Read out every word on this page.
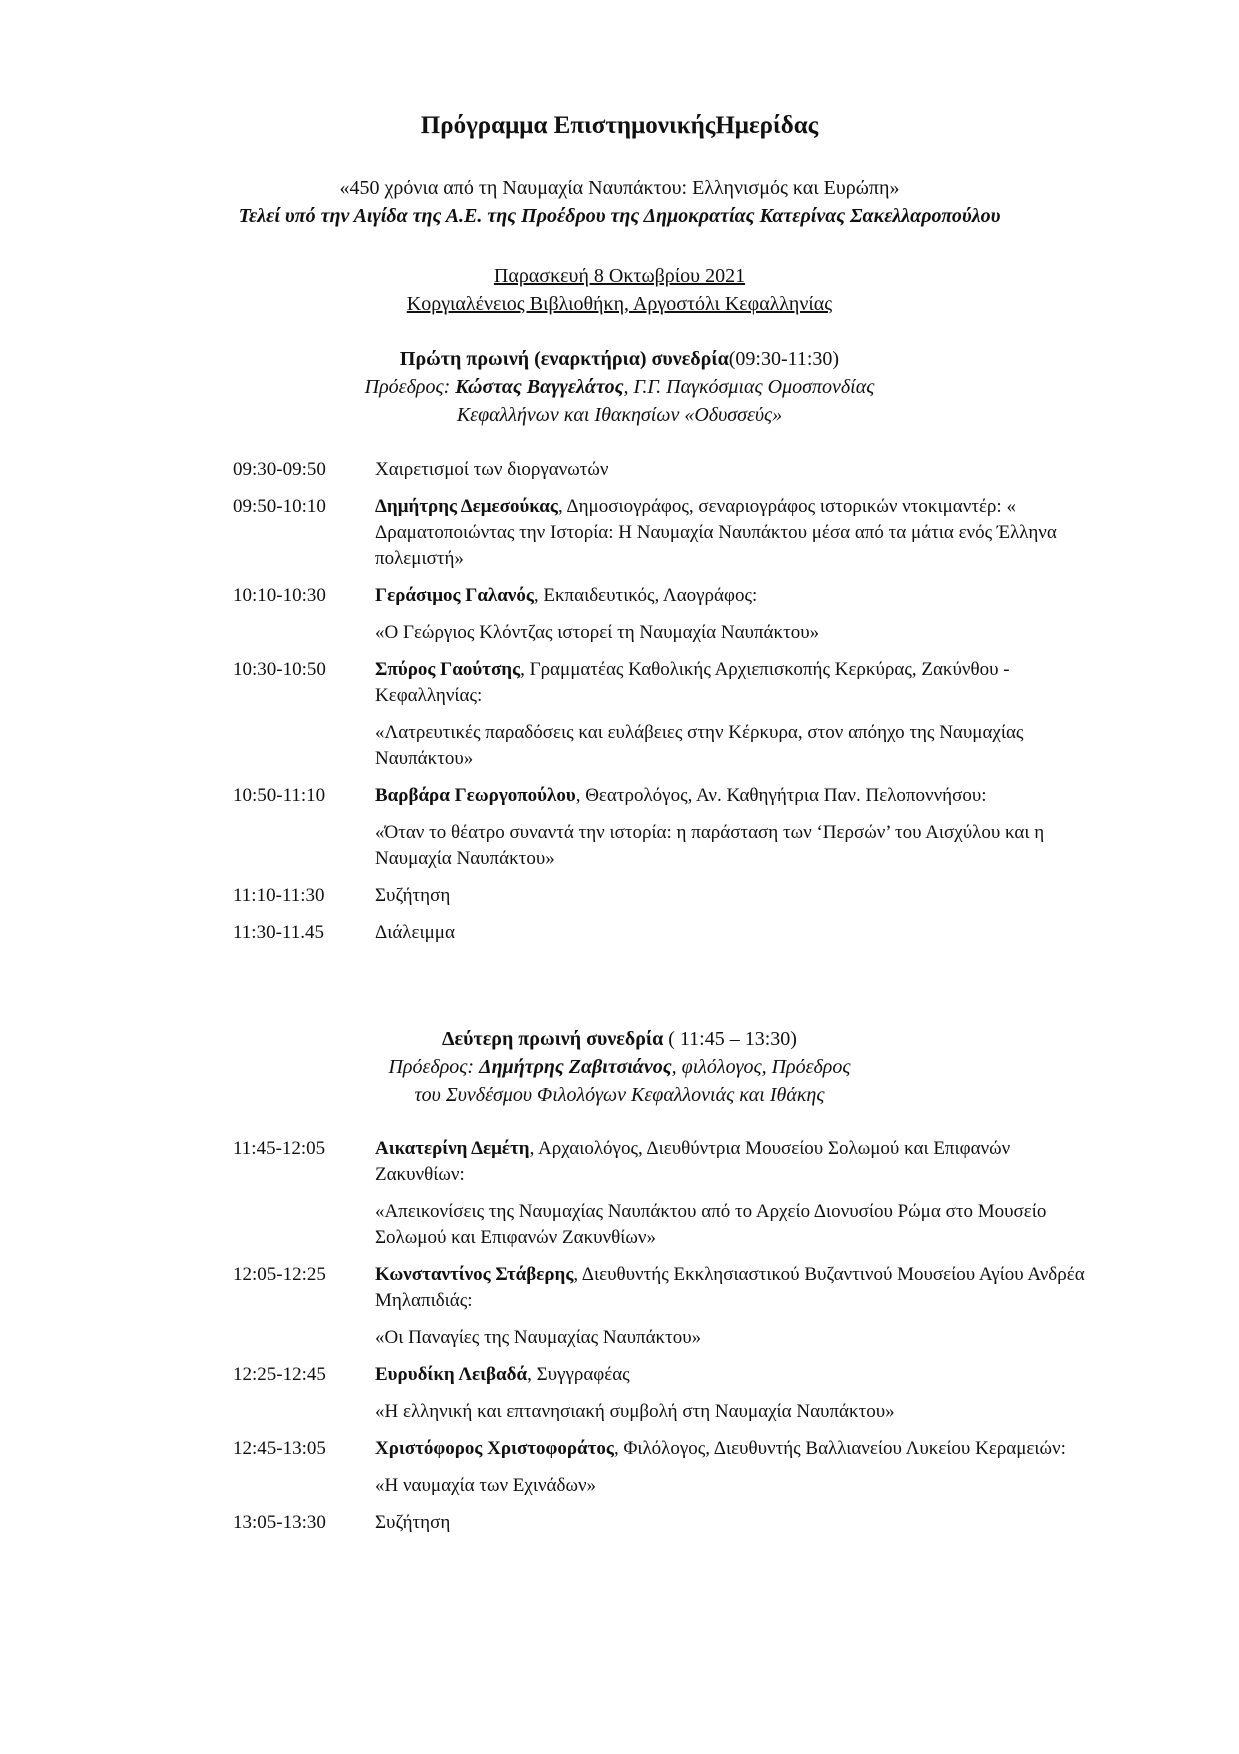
Πρόγραμμα ΕπιστημονικήςΗμερίδας
«450 χρόνια από τη Ναυμαχία Ναυπάκτου: Ελληνισμός και Ευρώπη»
Τελεί υπό την Αιγίδα της Α.Ε. της Προέδρου της Δημοκρατίας Κατερίνας Σακελλαροπούλου
Παρασκευή 8 Οκτωβρίου 2021
Κοργιαλένειος Βιβλιοθήκη, Αργοστόλι Κεφαλληνίας
Πρώτη πρωινή (εναρκτήρια) συνεδρία(09:30-11:30)
Πρόεδρος: Κώστας Βαγγελάτος, Γ.Γ. Παγκόσμιας Ομοσπονδίας
Κεφαλλήνων και Ιθακησίων «Οδυσσεύς»
09:30-09:50	Χαιρετισμοί των διοργανωτών
09:50-10:10	Δημήτρης Δεμεσούκας, Δημοσιογράφος, σεναριογράφος ιστορικών ντοκιμαντέρ: « Δραματοποιώντας την Ιστορία: Η Ναυμαχία Ναυπάκτου μέσα από τα μάτια ενός Έλληνα πολεμιστή»
10:10-10:30	Γεράσιμος Γαλανός, Εκπαιδευτικός, Λαογράφος:
«Ο Γεώργιος Κλόντζας ιστορεί τη Ναυμαχία Ναυπάκτου»
10:30-10:50	Σπύρος Γαούτσης, Γραμματέας Καθολικής Αρχιεπισκοπής Κερκύρας, Ζακύνθου - Κεφαλληνίας:
«Λατρευτικές παραδόσεις και ευλάβειες στην Κέρκυρα, στον απόηχο της Ναυμαχίας Ναυπάκτου»
10:50-11:10	Βαρβάρα Γεωργοπούλου, Θεατρολόγος, Αν. Καθηγήτρια Παν. Πελοποννήσου:
«Όταν το θέατρο συναντά την ιστορία: η παράσταση των ‘Περσών’ του Αισχύλου και η Ναυμαχία Ναυπάκτου»
11:10-11:30	Συζήτηση
11:30-11.45	Διάλειμμα
Δεύτερη πρωινή συνεδρία ( 11:45 – 13:30)
Πρόεδρος: Δημήτρης Ζαβιτσιάνος, φιλόλογος, Πρόεδρος
του Συνδέσμου Φιλολόγων Κεφαλλονιάς και Ιθάκης
11:45-12:05	Αικατερίνη Δεμέτη, Αρχαιολόγος, Διευθύντρια Μουσείου Σολωμού και Επιφανών Ζακυνθίων:
«Απεικονίσεις της Ναυμαχίας Ναυπάκτου από το Αρχείο Διονυσίου Ρώμα στο Μουσείο Σολωμού και Επιφανών Ζακυνθίων»
12:05-12:25	Κωνσταντίνος Στάβερης, Διευθυντής Εκκλησιαστικού Βυζαντινού Μουσείου Αγίου Ανδρέα Μηλαπιδιάς:
«Οι Παναγίες της Ναυμαχίας Ναυπάκτου»
12:25-12:45	Ευρυδίκη Λειβαδά, Συγγραφέας
«Η ελληνική και επτανησιακή συμβολή στη Ναυμαχία Ναυπάκτου»
12:45-13:05	Χριστόφορος Χριστοφοράτος, Φιλόλογος, Διευθυντής Βαλλιανείου Λυκείου Κεραμειών:
«Η ναυμαχία των Εχινάδων»
13:05-13:30	Συζήτηση
